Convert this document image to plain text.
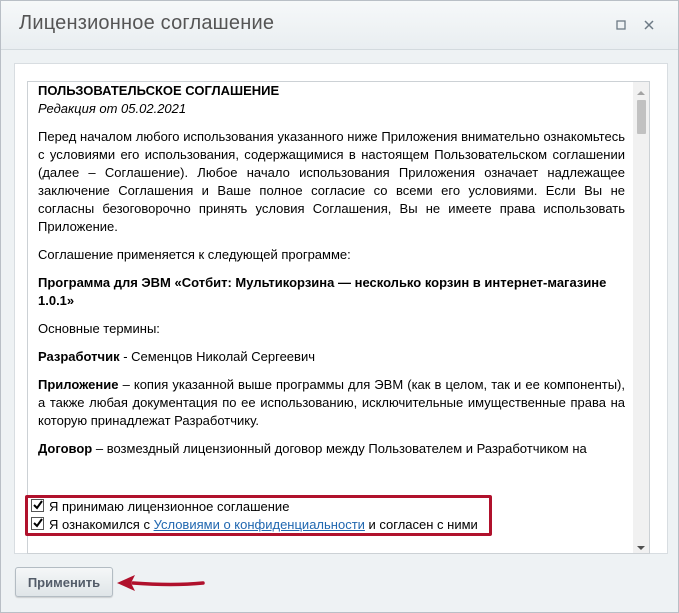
Лицензионное соглашение

ПОЛЬЗОВАТЕЛЬСКОЕ СОГЛАШЕНИЕ

Редакция от 05.02.2021

Перед началом любого использования указанного ниже Приложения внимательно ознакомьтесь с условиями его использования, содержащимися в настоящем Пользовательском соглашении (далее – Соглашение). Любое начало использования Приложения означает надлежащее заключение Соглашения и Ваше полное согласие со всеми его условиями. Если Вы не согласны безоговорочно принять условия Соглашения, Вы не имеете права использовать Приложение.

Соглашение применяется к следующей программе:

Программа для ЭВМ «Сотбит: Мультикорзина — несколько корзин в интернет-магазине 1.0.1»

Основные термины:

Разработчик - Семенцов Николай Сергеевич

Приложение – копия указанной выше программы для ЭВМ (как в целом, так и ее компоненты), а также любая документация по ее использованию, исключительные имущественные права на которую принадлежат Разработчику.

Договор – возмездный лицензионный договор между Пользователем и Разработчиком на

Я принимаю лицензионное соглашение
Я ознакомился с Условиями о конфиденциальности и согласен с ними
Применить
